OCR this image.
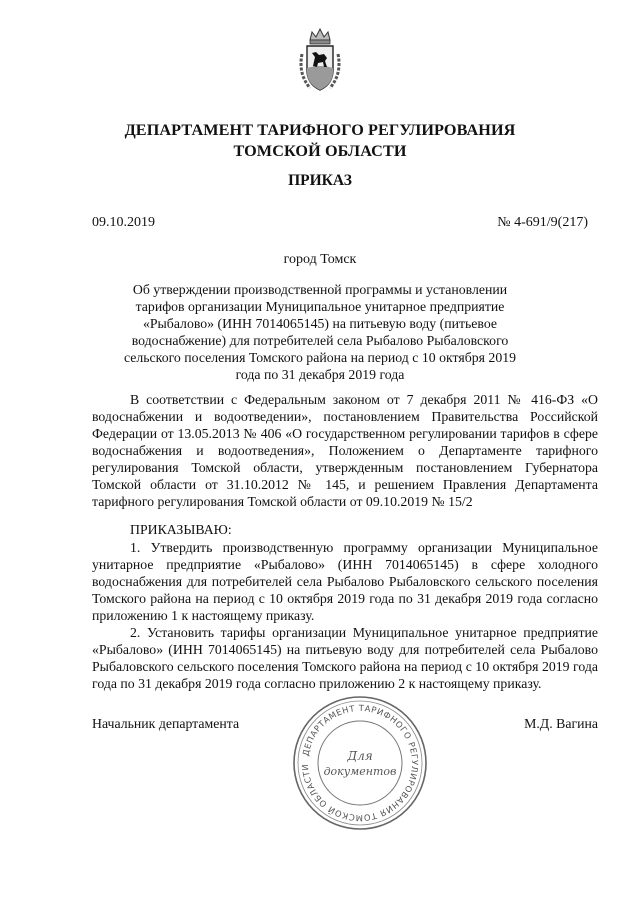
ДЕПАРТАМЕНТ ТАРИФНОГО РЕГУЛИРОВАНИЯ
ТОМСКОЙ ОБЛАСТИ
ПРИКАЗ
09.10.2019	№ 4-691/9(217)
город Томск
Об утверждении производственной программы и установлении тарифов организации Муниципальное унитарное предприятие «Рыбалово» (ИНН 7014065145) на питьевую воду (питьевое водоснабжение) для потребителей села Рыбалово Рыбаловского сельского поселения Томского района на период с 10 октября 2019 года по 31 декабря 2019 года
В соответствии с Федеральным законом от 7 декабря 2011 № 416-ФЗ «О водоснабжении и водоотведении», постановлением Правительства Российской Федерации от 13.05.2013 № 406 «О государственном регулировании тарифов в сфере водоснабжения и водоотведения», Положением о Департаменте тарифного регулирования Томской области, утвержденным постановлением Губернатора Томской области от 31.10.2012 № 145, и решением Правления Департамента тарифного регулирования Томской области от 09.10.2019 № 15/2
ПРИКАЗЫВАЮ:
1. Утвердить производственную программу организации Муниципальное унитарное предприятие «Рыбалово» (ИНН 7014065145) в сфере холодного водоснабжения для потребителей села Рыбалово Рыбаловского сельского поселения Томского района на период с 10 октября 2019 года по 31 декабря 2019 года согласно приложению 1 к настоящему приказу.
2. Установить тарифы организации Муниципальное унитарное предприятие «Рыбалово» (ИНН 7014065145) на питьевую воду для потребителей села Рыбалово Рыбаловского сельского поселения Томского района на период с 10 октября 2019 года года по 31 декабря 2019 года согласно приложению 2 к настоящему приказу.
Начальник департамента	М.Д. Вагина
ДЕПАРТАМЕНТ ТАРИФНОГО РЕГУЛИРОВАНИЯ ТОМСКОЙ ОБЛАСТИ
Для
документов
